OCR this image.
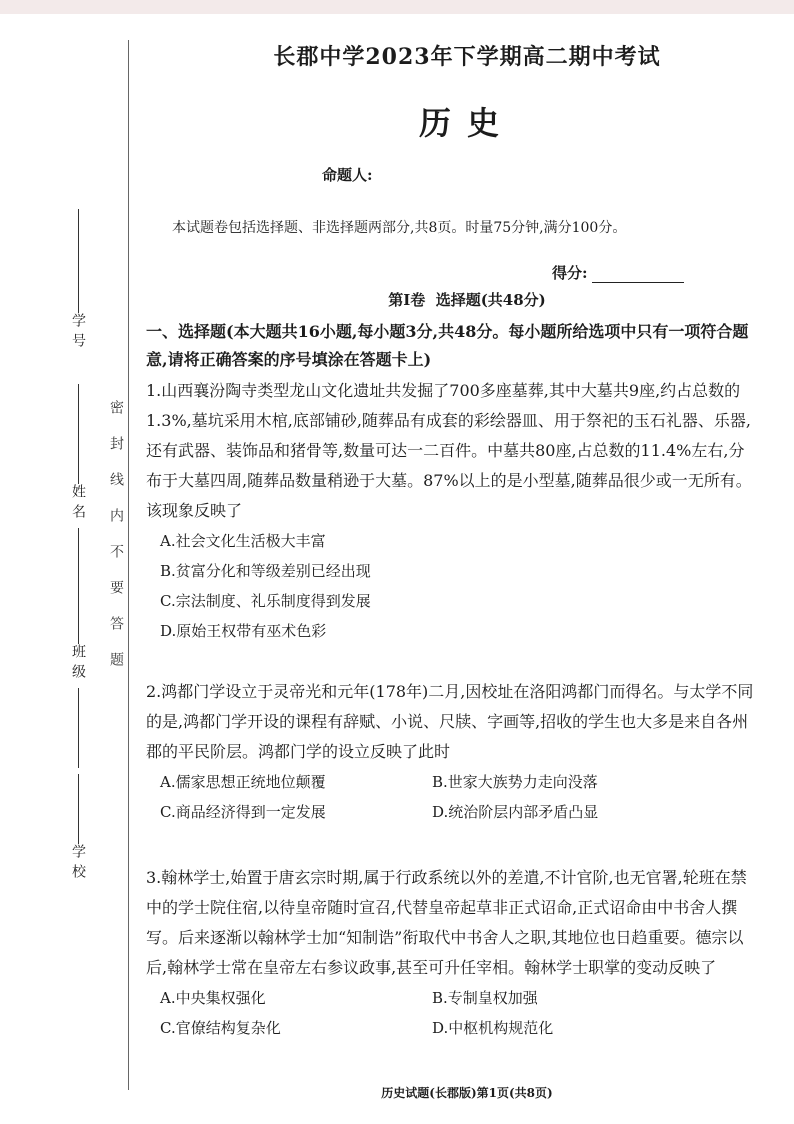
学号
姓名
班级
学校
密封线内不要答题
长郡中学2023年下学期高二期中考试
历史
命题人:
本试题卷包括选择题、非选择题两部分,共8页。时量75分钟,满分100分。
得分:
第Ⅰ卷  选择题(共48分)
一、选择题(本大题共16小题,每小题3分,共48分。每小题所给选项中只有一项符合题意,请将正确答案的序号填涂在答题卡上)
1.山西襄汾陶寺类型龙山文化遗址共发掘了700多座墓葬,其中大墓共9座,约占总数的1.3%,墓坑采用木棺,底部铺砂,随葬品有成套的彩绘器皿、用于祭祀的玉石礼器、乐器,还有武器、装饰品和猪骨等,数量可达一二百件。中墓共80座,占总数的11.4%左右,分布于大墓四周,随葬品数量稍逊于大墓。87%以上的是小型墓,随葬品很少或一无所有。该现象反映了
A.社会文化生活极大丰富
B.贫富分化和等级差别已经出现
C.宗法制度、礼乐制度得到发展
D.原始王权带有巫术色彩
2.鸿都门学设立于灵帝光和元年(178年)二月,因校址在洛阳鸿都门而得名。与太学不同的是,鸿都门学开设的课程有辞赋、小说、尺牍、字画等,招收的学生也大多是来自各州郡的平民阶层。鸿都门学的设立反映了此时
A.儒家思想正统地位颠覆	B.世家大族势力走向没落
C.商品经济得到一定发展	D.统治阶层内部矛盾凸显
3.翰林学士,始置于唐玄宗时期,属于行政系统以外的差遣,不计官阶,也无官署,轮班在禁中的学士院住宿,以待皇帝随时宣召,代替皇帝起草非正式诏命,正式诏命由中书舍人撰写。后来逐渐以翰林学士加“知制诰”衔取代中书舍人之职,其地位也日趋重要。德宗以后,翰林学士常在皇帝左右参议政事,甚至可升任宰相。翰林学士职掌的变动反映了
A.中央集权强化	B.专制皇权加强
C.官僚结构复杂化	D.中枢机构规范化
历史试题(长郡版)第1页(共8页)
